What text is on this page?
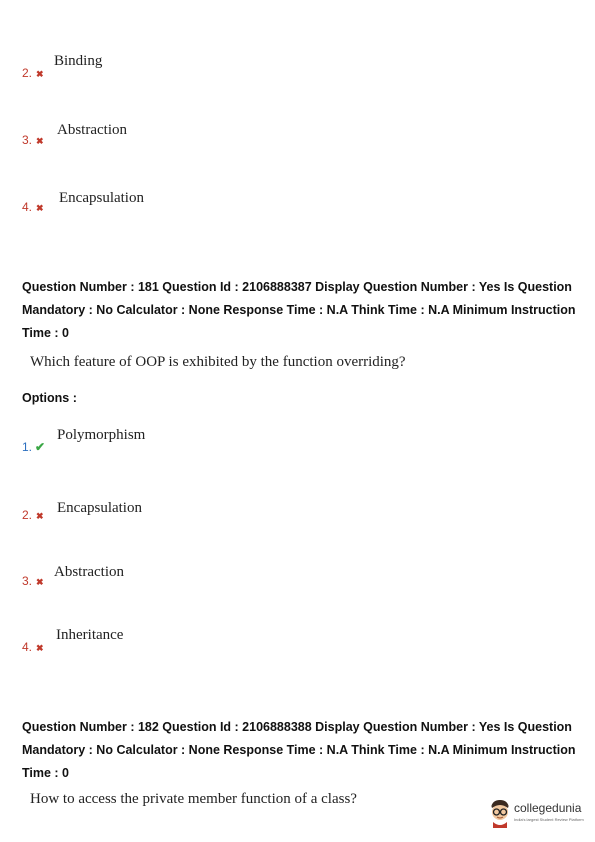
2. ✖
Binding
3. ✖
Abstraction
4. ✖
Encapsulation
Question Number : 181 Question Id : 2106888387 Display Question Number : Yes Is Question Mandatory : No Calculator : None Response Time : N.A Think Time : N.A Minimum Instruction Time : 0
Which feature of OOP is exhibited by the function overriding?
Options :
1. ✔
Polymorphism
2. ✖ Encapsulation
3. ✖
Abstraction
4. ✖
Inheritance
Question Number : 182 Question Id : 2106888388 Display Question Number : Yes Is Question Mandatory : No Calculator : None Response Time : N.A Think Time : N.A Minimum Instruction Time : 0
How to access the private member function of a class?
collegedunia
India's largest Student Review Platform
